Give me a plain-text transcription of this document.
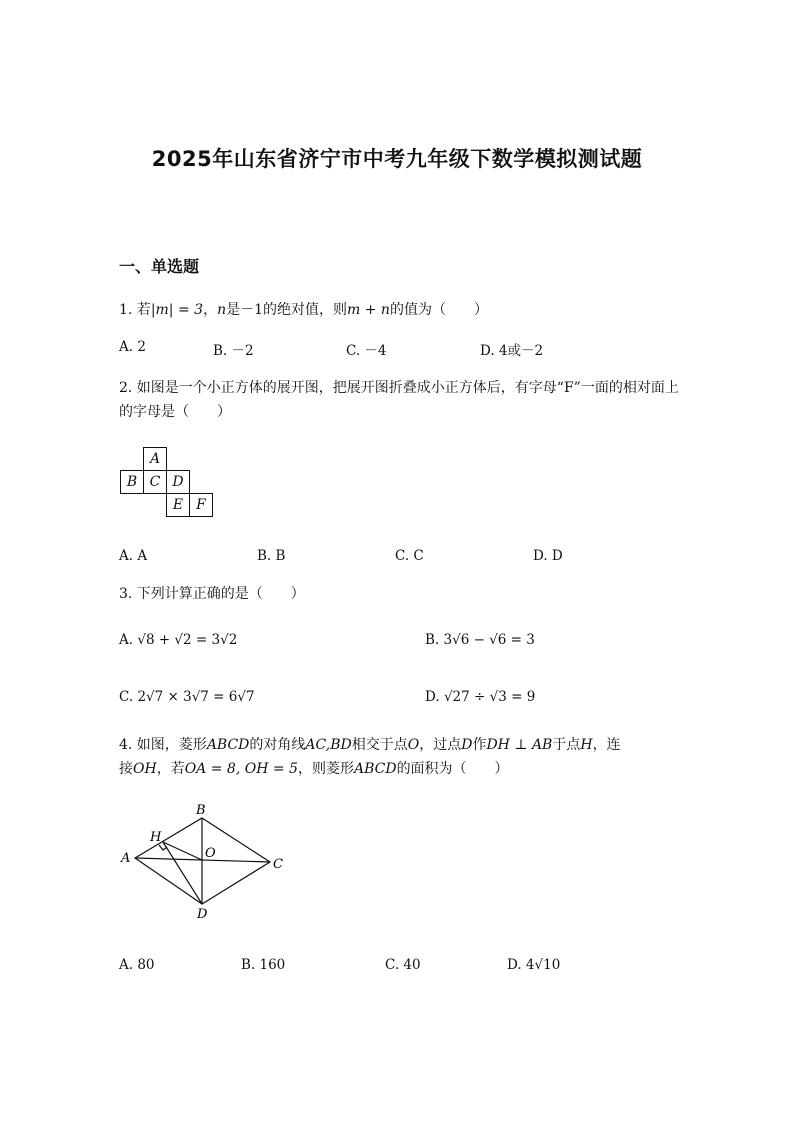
2025年山东省济宁市中考九年级下数学模拟测试题
一、单选题
1. 若|m| = 3，n是－1的绝对值，则m + n的值为（　　）
A. 2	B. －2	C. －4	D. 4或－2
2. 如图是一个小正方体的展开图，把展开图折叠成小正方体后，有字母“F”一面的相对面上的字母是（　　）
	A		
B	C	D	
		E	F
A. A	B. B	C. C	D. D
3. 下列计算正确的是（　　）
A. √8 + √2 = 3√2	B. 3√6 − √6 = 3
C. 2√7 × 3√7 = 6√7	D. √27 ÷ √3 = 9
4. 如图，菱形ABCD的对角线AC,BD相交于点O，过点D作DH ⊥ AB于点H，连
接OH，若OA = 8, OH = 5，则菱形ABCD的面积为（　　）
A
B
C
D
H
O
A. 80	B. 160	C. 40	D. 4√10
